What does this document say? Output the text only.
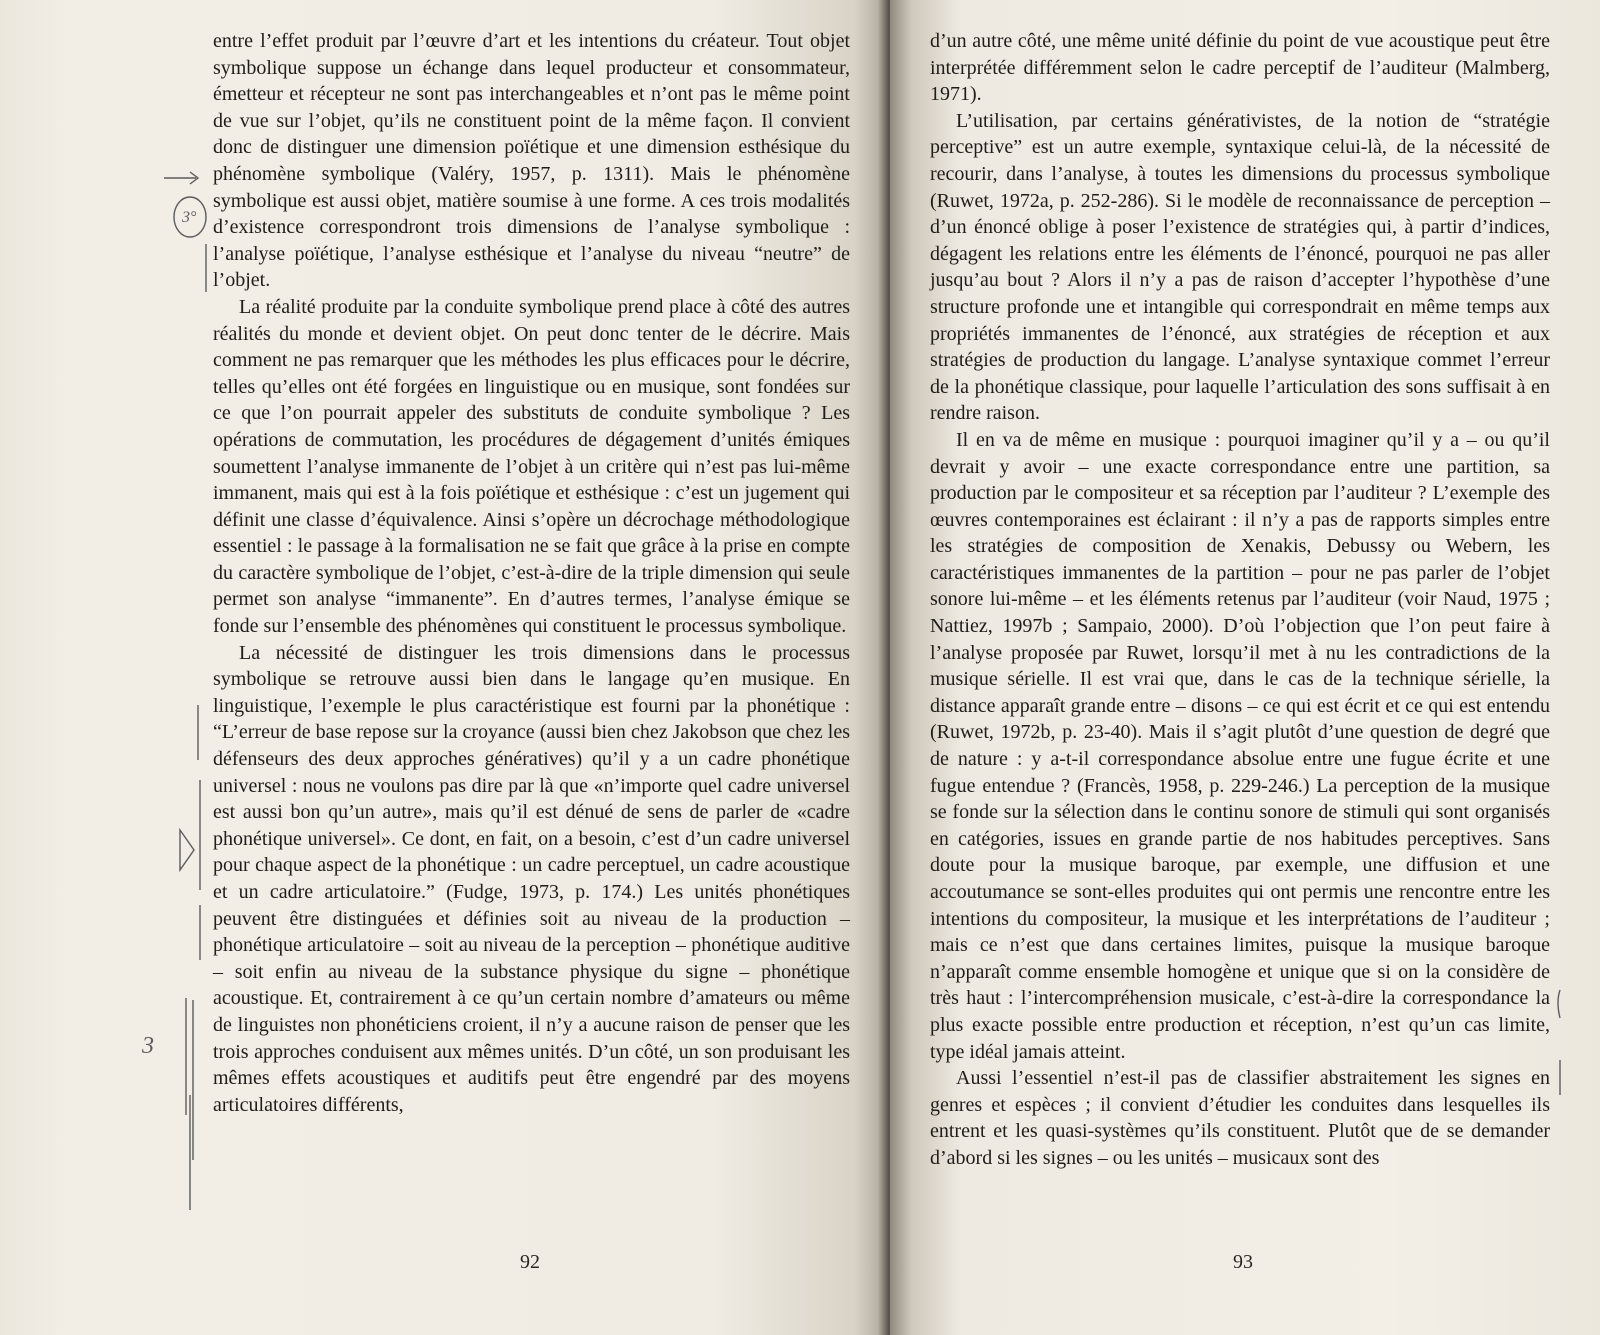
entre l’effet produit par l’œuvre d’art et les intentions du créateur. Tout objet symbolique suppose un échange dans lequel producteur et consommateur, émetteur et récepteur ne sont pas interchangeables et n’ont pas le même point de vue sur l’objet, qu’ils ne constituent point de la même façon. Il convient donc de distinguer une dimension poïétique et une dimension esthésique du phénomène symbolique (Valéry, 1957, p. 1311). Mais le phénomène symbolique est aussi objet, matière soumise à une forme. A ces trois modalités d’existence correspondront trois dimensions de l’analyse symbolique : l’analyse poïétique, l’analyse esthésique et l’analyse du niveau “neutre” de l’objet.

La réalité produite par la conduite symbolique prend place à côté des autres réalités du monde et devient objet. On peut donc tenter de le décrire. Mais comment ne pas remarquer que les méthodes les plus efficaces pour le décrire, telles qu’elles ont été forgées en linguistique ou en musique, sont fondées sur ce que l’on pourrait appeler des substituts de conduite symbolique ? Les opérations de commutation, les procédures de dégagement d’unités émiques soumettent l’analyse immanente de l’objet à un critère qui n’est pas lui-même immanent, mais qui est à la fois poïétique et esthésique : c’est un jugement qui définit une classe d’équivalence. Ainsi s’opère un décrochage méthodologique essentiel : le passage à la formalisation ne se fait que grâce à la prise en compte du caractère symbolique de l’objet, c’est-à-dire de la triple dimension qui seule permet son analyse “immanente”. En d’autres termes, l’analyse émique se fonde sur l’ensemble des phénomènes qui constituent le processus symbolique.

La nécessité de distinguer les trois dimensions dans le processus symbolique se retrouve aussi bien dans le langage qu’en musique. En linguistique, l’exemple le plus caractéristique est fourni par la phonétique : “L’erreur de base repose sur la croyance (aussi bien chez Jakobson que chez les défenseurs des deux approches génératives) qu’il y a un cadre phonétique universel : nous ne voulons pas dire par là que «n’importe quel cadre universel est aussi bon qu’un autre», mais qu’il est dénué de sens de parler de «cadre phonétique universel». Ce dont, en fait, on a besoin, c’est d’un cadre universel pour chaque aspect de la phonétique : un cadre perceptuel, un cadre acoustique et un cadre articulatoire.” (Fudge, 1973, p. 174.) Les unités phonétiques peuvent être distinguées et définies soit au niveau de la production – phonétique articulatoire – soit au niveau de la perception – phonétique auditive – soit enfin au niveau de la substance physique du signe – phonétique acoustique. Et, contrairement à ce qu’un certain nombre d’amateurs ou même de linguistes non phonéticiens croient, il n’y a aucune raison de penser que les trois approches conduisent aux mêmes unités. D’un côté, un son produisant les mêmes effets acoustiques et auditifs peut être engendré par des moyens articulatoires différents,

92
3°
3

d’un autre côté, une même unité définie du point de vue acoustique peut être interprétée différemment selon le cadre perceptif de l’auditeur (Malmberg, 1971).

L’utilisation, par certains générativistes, de la notion de “stratégie perceptive” est un autre exemple, syntaxique celui-là, de la nécessité de recourir, dans l’analyse, à toutes les dimensions du processus symbolique (Ruwet, 1972a, p. 252-286). Si le modèle de reconnaissance de perception – d’un énoncé oblige à poser l’existence de stratégies qui, à partir d’indices, dégagent les relations entre les éléments de l’énoncé, pourquoi ne pas aller jusqu’au bout ? Alors il n’y a pas de raison d’accepter l’hypothèse d’une structure profonde une et intangible qui correspondrait en même temps aux propriétés immanentes de l’énoncé, aux stratégies de réception et aux stratégies de production du langage. L’analyse syntaxique commet l’erreur de la phonétique classique, pour laquelle l’articulation des sons suffisait à en rendre raison.

Il en va de même en musique : pourquoi imaginer qu’il y a – ou qu’il devrait y avoir – une exacte correspondance entre une partition, sa production par le compositeur et sa réception par l’auditeur ? L’exemple des œuvres contemporaines est éclairant : il n’y a pas de rapports simples entre les stratégies de composition de Xenakis, Debussy ou Webern, les caractéristiques immanentes de la partition – pour ne pas parler de l’objet sonore lui-même – et les éléments retenus par l’auditeur (voir Naud, 1975 ; Nattiez, 1997b ; Sampaio, 2000). D’où l’objection que l’on peut faire à l’analyse proposée par Ruwet, lorsqu’il met à nu les contradictions de la musique sérielle. Il est vrai que, dans le cas de la technique sérielle, la distance apparaît grande entre – disons – ce qui est écrit et ce qui est entendu (Ruwet, 1972b, p. 23-40). Mais il s’agit plutôt d’une question de degré que de nature : y a-t-il correspondance absolue entre une fugue écrite et une fugue entendue ? (Francès, 1958, p. 229-246.) La perception de la musique se fonde sur la sélection dans le continu sonore de stimuli qui sont organisés en catégories, issues en grande partie de nos habitudes perceptives. Sans doute pour la musique baroque, par exemple, une diffusion et une accoutumance se sont-elles produites qui ont permis une rencontre entre les intentions du compositeur, la musique et les interprétations de l’auditeur ; mais ce n’est que dans certaines limites, puisque la musique baroque n’apparaît comme ensemble homogène et unique que si on la considère de très haut : l’intercompréhension musicale, c’est-à-dire la correspondance la plus exacte possible entre production et réception, n’est qu’un cas limite, type idéal jamais atteint.

Aussi l’essentiel n’est-il pas de classifier abstraitement les signes en genres et espèces ; il convient d’étudier les conduites dans lesquelles ils entrent et les quasi-systèmes qu’ils constituent. Plutôt que de se demander d’abord si les signes – ou les unités – musicaux sont des

93
